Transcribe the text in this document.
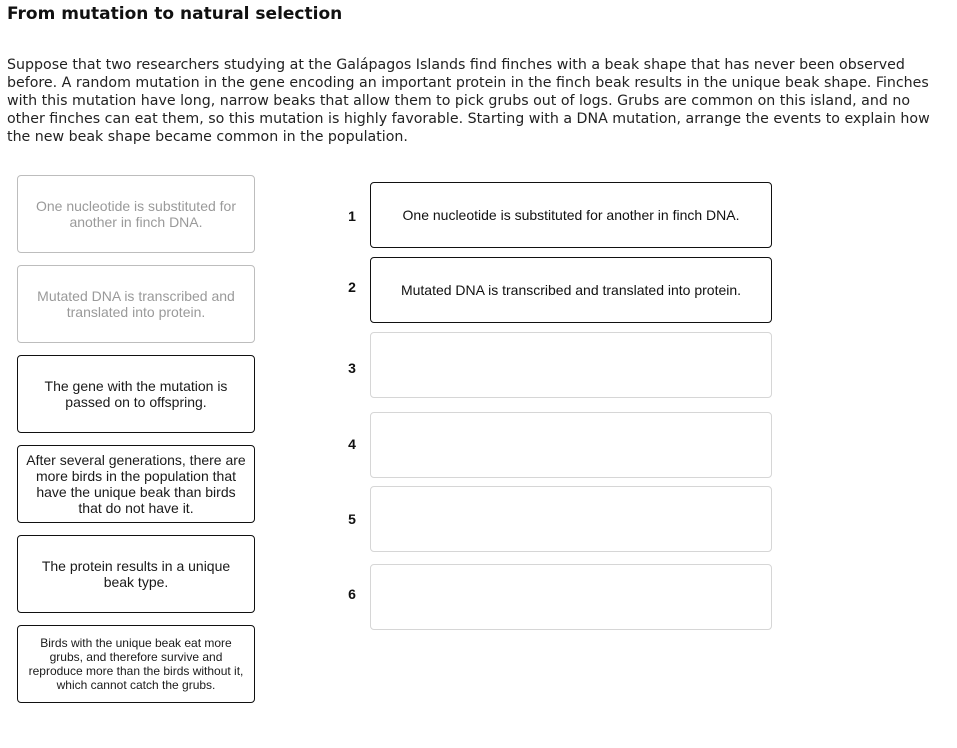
From mutation to natural selection

Suppose that two researchers studying at the Galápagos Islands find finches with a beak shape that has never been observed before. A random mutation in the gene encoding an important protein in the finch beak results in the unique beak shape. Finches with this mutation have long, narrow beaks that allow them to pick grubs out of logs. Grubs are common on this island, and no other finches can eat them, so this mutation is highly favorable. Starting with a DNA mutation, arrange the events to explain how the new beak shape became common in the population.

One nucleotide is substituted for another in finch DNA.
Mutated DNA is transcribed and translated into protein.
The gene with the mutation is passed on to offspring.
After several generations, there are more birds in the population that have the unique beak than birds that do not have it.
The protein results in a unique beak type.
Birds with the unique beak eat more grubs, and therefore survive and reproduce more than the birds without it, which cannot catch the grubs.
1
2
3
4
5
6
One nucleotide is substituted for another in finch DNA.
Mutated DNA is transcribed and translated into protein.
